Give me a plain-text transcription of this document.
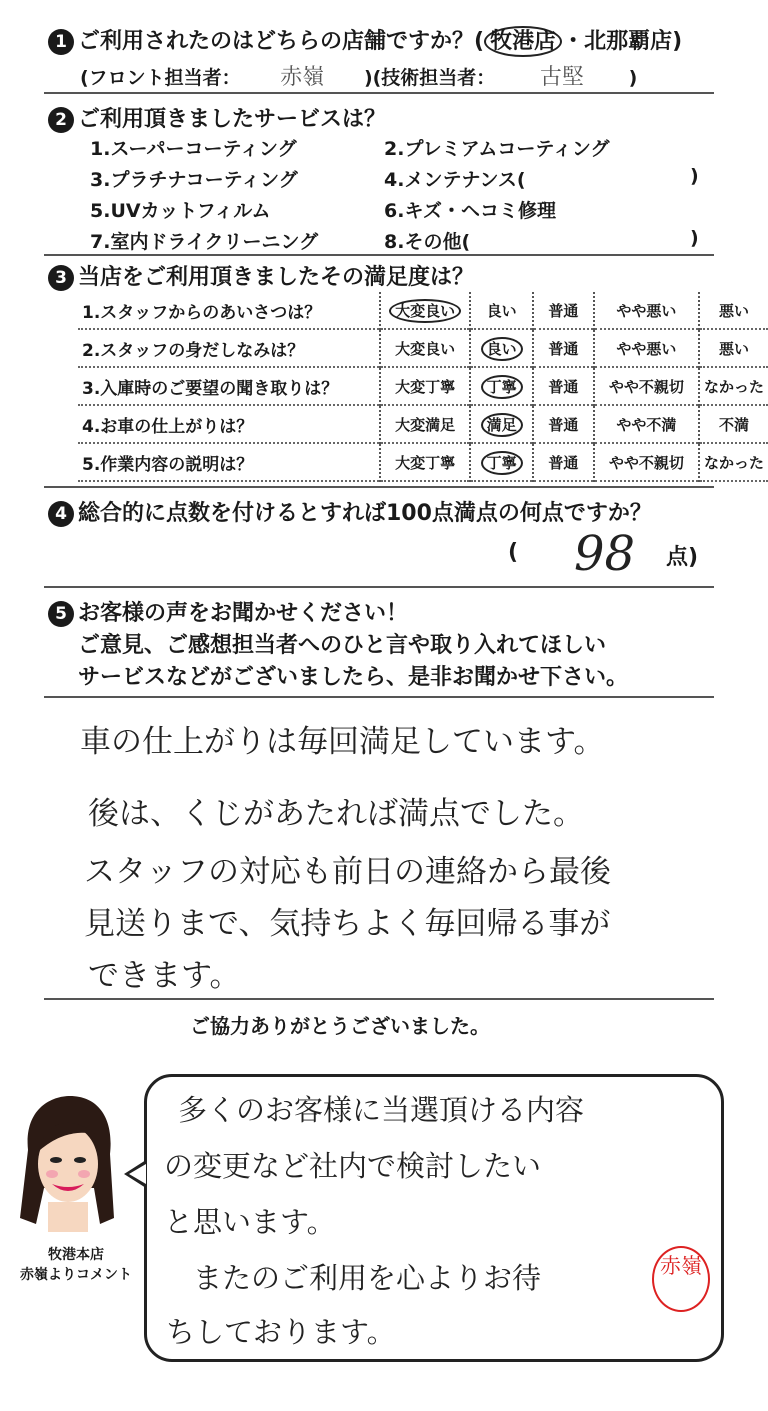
1 ご利用されたのはどちらの店舗ですか？( 牧港店 ・北那覇店)
(フロント担当者： 赤嶺 )(技術担当者： 古堅 )
2 ご利用頂きましたサービスは？
1.スーパーコーティング	2.プレミアムコーティング
3.プラチナコーティング	4.メンテナンス(	)
5.UVカットフィルム	6.キズ・ヘコミ修理
7.室内ドライクリーニング	8.その他(	)
3 当店をご利用頂きましたその満足度は？
1.スタッフからのあいさつは？	大変良い	良い	普通	やや悪い	悪い
2.スタッフの身だしなみは？	大変良い	良い	普通	やや悪い	悪い
3.入庫時のご要望の聞き取りは？	大変丁寧	丁寧	普通	やや不親切	なかった
4.お車の仕上がりは？	大変満足	満足	普通	やや不満	不満
5.作業内容の説明は？	大変丁寧	丁寧	普通	やや不親切	なかった
4 総合的に点数を付けるとすれば100点満点の何点ですか？
( 98 点)
5 お客様の声をお聞かせください！
ご意見、ご感想担当者へのひと言や取り入れてほしい
サービスなどがございましたら、是非お聞かせ下さい。
車の仕上がりは毎回満足しています。
後は、くじがあたれば満点でした。
スタッフの対応も前日の連絡から最後
見送りまで、気持ちよく毎回帰る事が
できます。
ご協力ありがとうございました。
牧港本店
赤嶺よりコメント
多くのお客様に当選頂ける内容
の変更など社内で検討したい
と思います。
　またのご利用を心よりお待
ちしております。
赤嶺
